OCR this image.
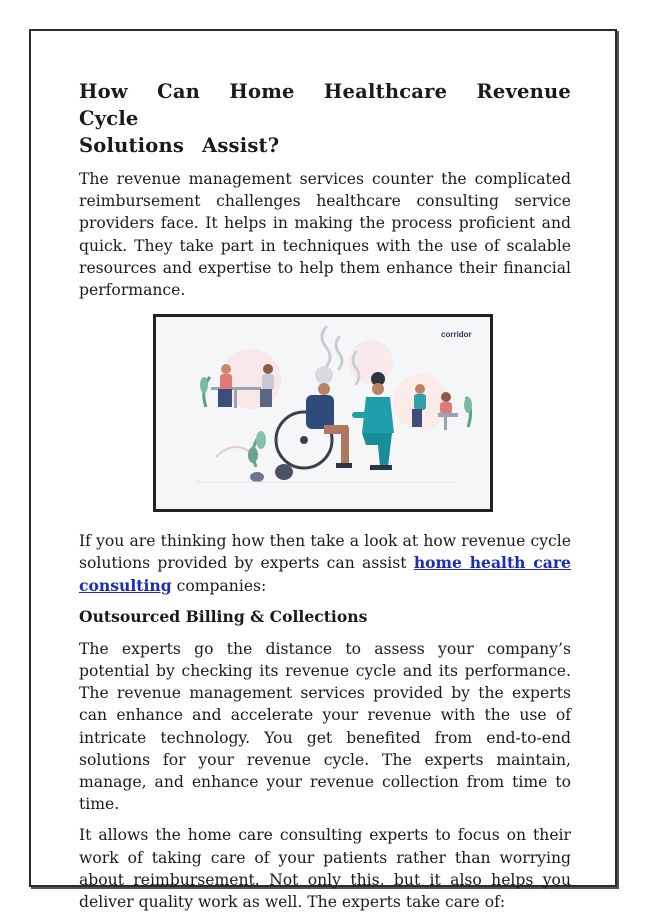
How Can Home Healthcare Revenue Cycle
Solutions Assist?

The revenue management services counter the complicated reimbursement challenges healthcare consulting service providers face. It helps in making the process proficient and quick. They take part in techniques with the use of scalable resources and expertise to help them enhance their financial performance.

corridor

If you are thinking how then take a look at how revenue cycle solutions provided by experts can assist home health care consulting companies:

Outsourced Billing & Collections

The experts go the distance to assess your company’s potential by checking its revenue cycle and its performance. The revenue management services provided by the experts can enhance and accelerate your revenue with the use of intricate technology. You get benefited from end-to-end solutions for your revenue cycle. The experts maintain, manage, and enhance your revenue collection from time to time.

It allows the home care consulting experts to focus on their work of taking care of your patients rather than worrying about reimbursement. Not only this, but it also helps you deliver quality work as well. The experts take care of:
